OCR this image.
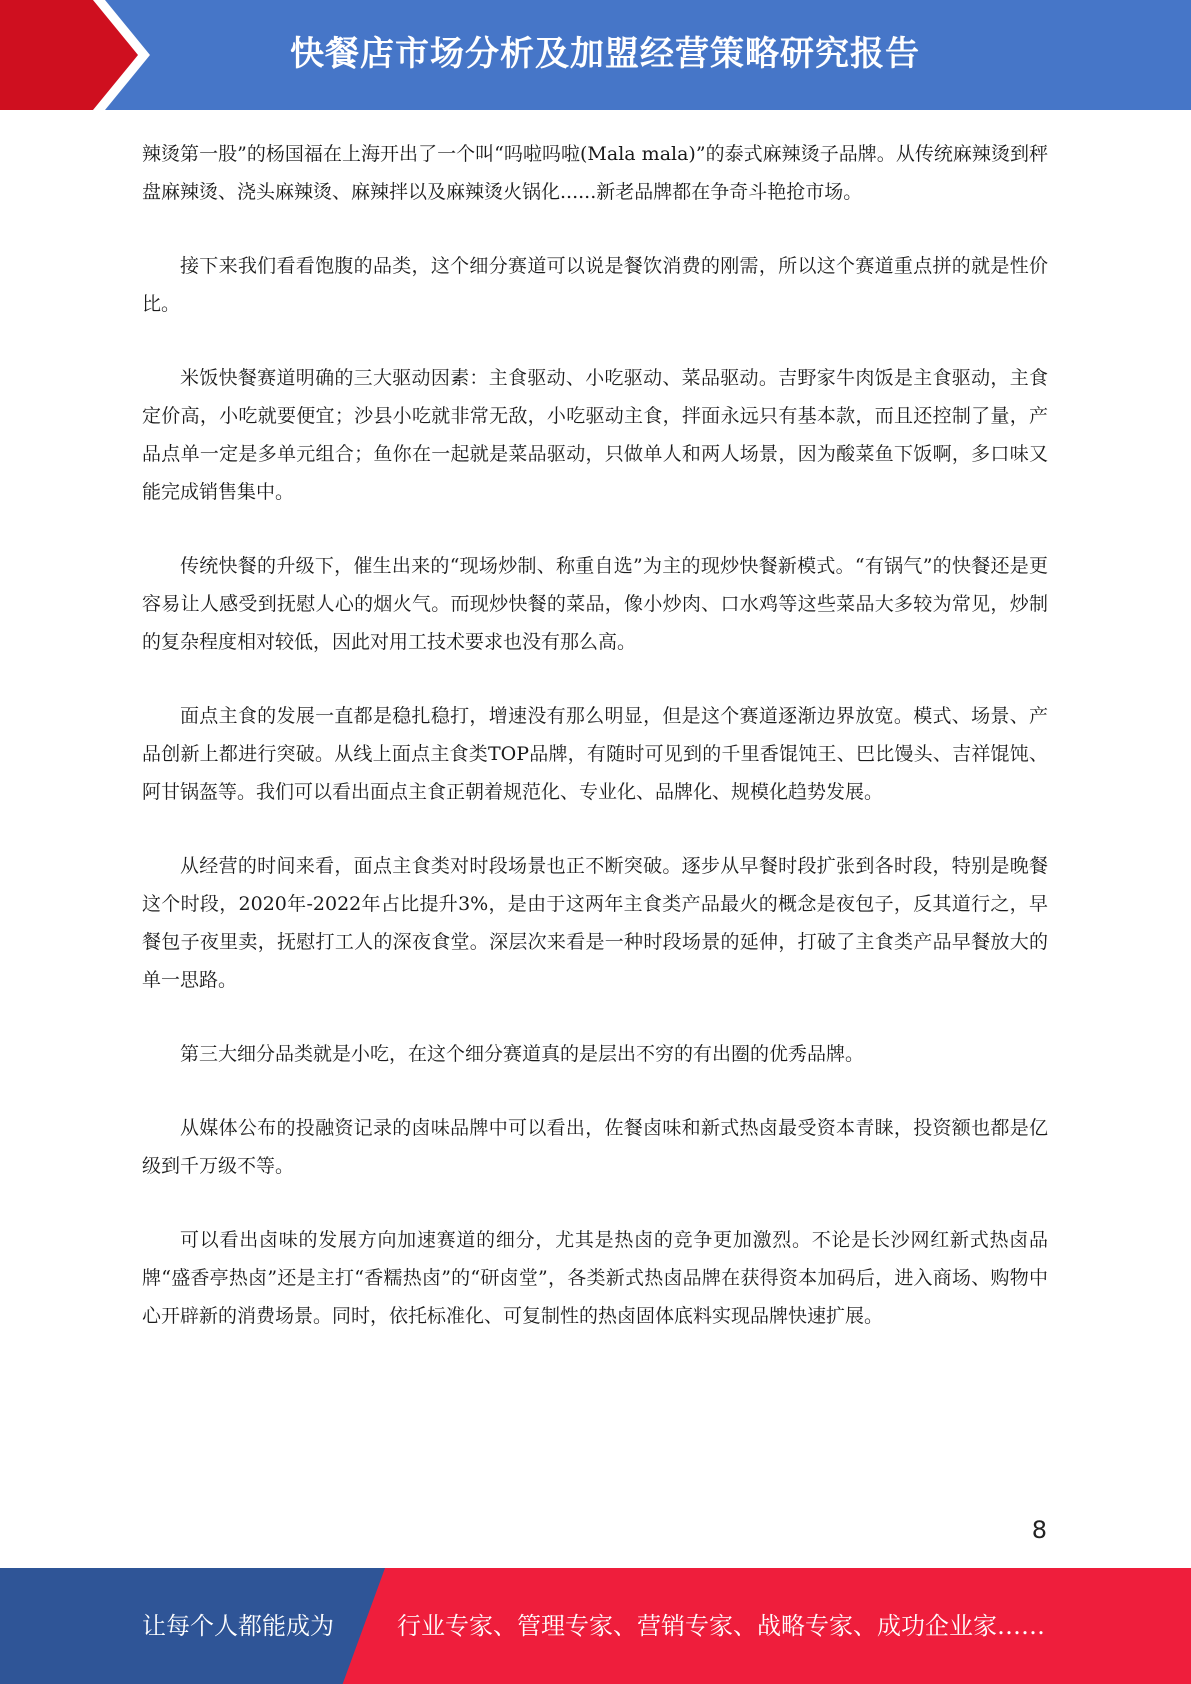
快餐店市场分析及加盟经营策略研究报告

辣烫第一股”的杨国福在上海开出了一个叫“吗啦吗啦(Mala mala)”的泰式麻辣烫子品牌。从传统麻辣烫到秤盘麻辣烫、浇头麻辣烫、麻辣拌以及麻辣烫火锅化......新老品牌都在争奇斗艳抢市场。

接下来我们看看饱腹的品类，这个细分赛道可以说是餐饮消费的刚需，所以这个赛道重点拼的就是性价比。

米饭快餐赛道明确的三大驱动因素：主食驱动、小吃驱动、菜品驱动。吉野家牛肉饭是主食驱动，主食定价高，小吃就要便宜；沙县小吃就非常无敌，小吃驱动主食，拌面永远只有基本款，而且还控制了量，产品点单一定是多单元组合；鱼你在一起就是菜品驱动，只做单人和两人场景，因为酸菜鱼下饭啊，多口味又能完成销售集中。

传统快餐的升级下，催生出来的“现场炒制、称重自选”为主的现炒快餐新模式。“有锅气”的快餐还是更容易让人感受到抚慰人心的烟火气。而现炒快餐的菜品，像小炒肉、口水鸡等这些菜品大多较为常见，炒制的复杂程度相对较低，因此对用工技术要求也没有那么高。

面点主食的发展一直都是稳扎稳打，增速没有那么明显，但是这个赛道逐渐边界放宽。模式、场景、产品创新上都进行突破。从线上面点主食类TOP品牌，有随时可见到的千里香馄饨王、巴比馒头、吉祥馄饨、阿甘锅盔等。我们可以看出面点主食正朝着规范化、专业化、品牌化、规模化趋势发展。

从经营的时间来看，面点主食类对时段场景也正不断突破。逐步从早餐时段扩张到各时段，特别是晚餐这个时段，2020年-2022年占比提升3%，是由于这两年主食类产品最火的概念是夜包子，反其道行之，早餐包子夜里卖，抚慰打工人的深夜食堂。深层次来看是一种时段场景的延伸，打破了主食类产品早餐放大的单一思路。

第三大细分品类就是小吃，在这个细分赛道真的是层出不穷的有出圈的优秀品牌。

从媒体公布的投融资记录的卤味品牌中可以看出，佐餐卤味和新式热卤最受资本青睐，投资额也都是亿级到千万级不等。

可以看出卤味的发展方向加速赛道的细分，尤其是热卤的竞争更加激烈。不论是长沙网红新式热卤品牌“盛香亭热卤”还是主打“香糯热卤”的“研卤堂”，各类新式热卤品牌在获得资本加码后，进入商场、购物中心开辟新的消费场景。同时，依托标准化、可复制性的热卤固体底料实现品牌快速扩展。

8
让每个人都能成为	行业专家、管理专家、营销专家、战略专家、成功企业家……
